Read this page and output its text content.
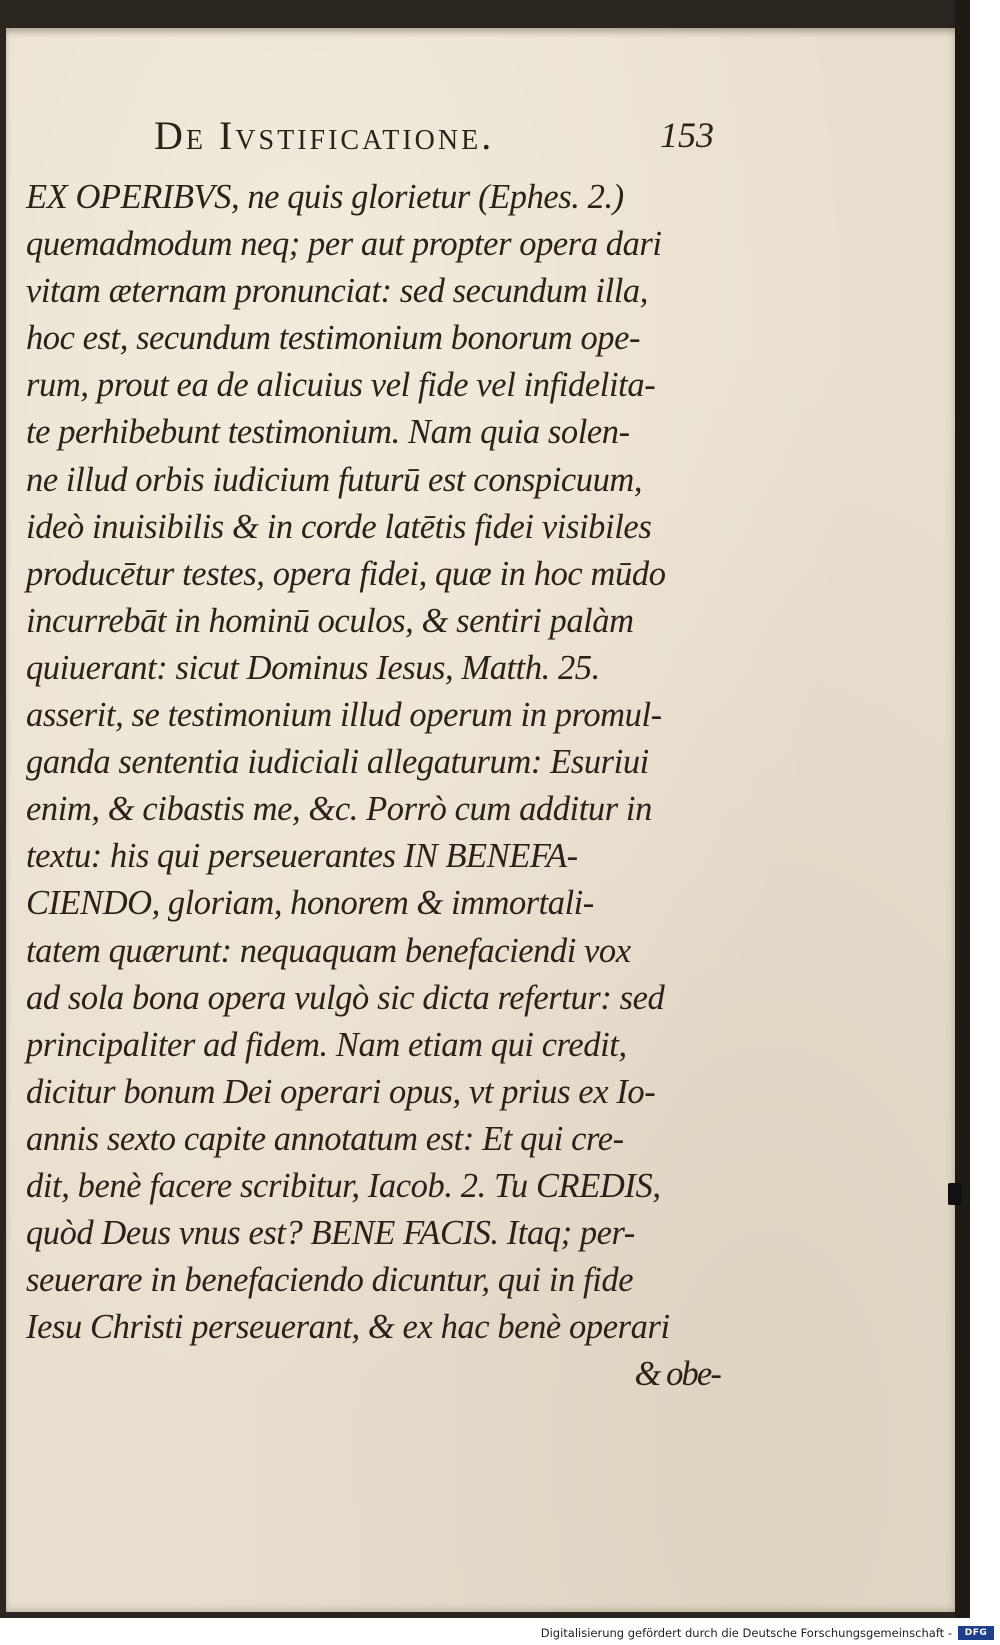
De Ivstificatione.	153
EX OPERIBVS, ne quis glorietur (Ephes. 2.)
quemadmodum neq; per aut propter opera dari
vitam æternam pronunciat: sed secundum illa,
hoc est, secundum testimonium bonorum ope-
rum, prout ea de alicuius vel fide vel infidelita-
te perhibebunt testimonium. Nam quia solen-
ne illud orbis iudicium futurū est conspicuum,
ideò inuisibilis & in corde latētis fidei visibiles
producētur testes, opera fidei, quæ in hoc mūdo
incurrebāt in hominū oculos, & sentiri palàm
quiuerant: sicut Dominus Iesus, Matth. 25.
asserit, se testimonium illud operum in promul-
ganda sententia iudiciali allegaturum: Esuriui
enim, & cibastis me, &c. Porrò cum additur in
textu: his qui perseuerantes IN BENEFA-
CIENDO, gloriam, honorem & immortali-
tatem quærunt: nequaquam benefaciendi vox
ad sola bona opera vulgò sic dicta refertur: sed
principaliter ad fidem. Nam etiam qui credit,
dicitur bonum Dei operari opus, vt prius ex Io-
annis sexto capite annotatum est: Et qui cre-
dit, benè facere scribitur, Iacob. 2. Tu CREDIS,
quòd Deus vnus est? BENE FACIS. Itaq; per-
seuerare in benefaciendo dicuntur, qui in fide
Iesu Christi perseuerant, & ex hac benè operari
& obe-
Digitalisierung gefördert durch die Deutsche Forschungsgemeinschaft -	DFG
